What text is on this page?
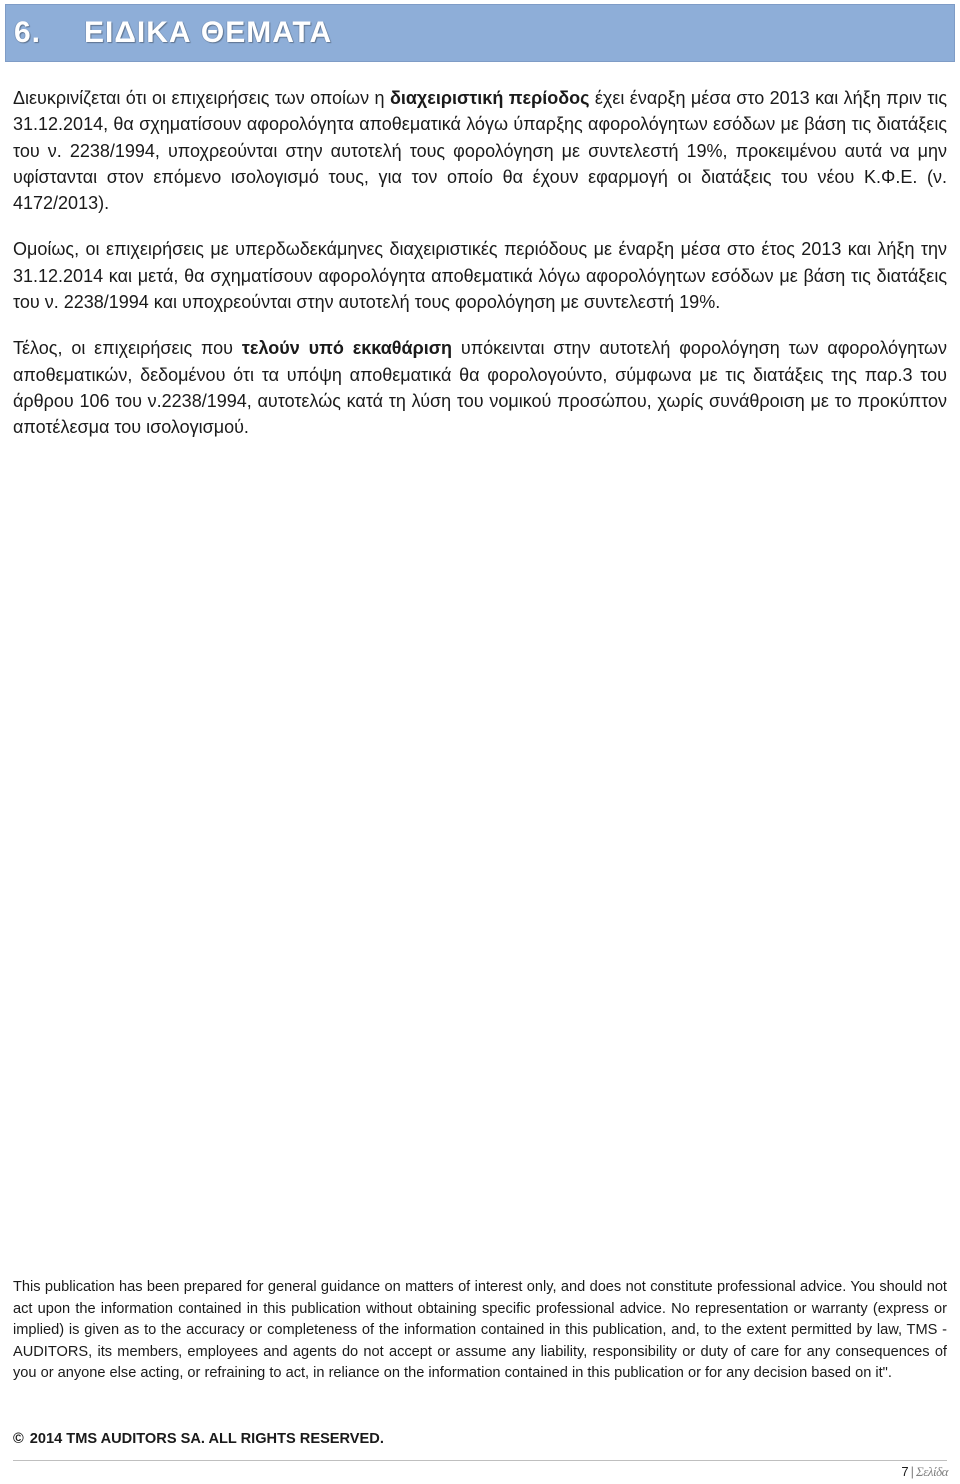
6. ΕΙΔΙΚΑ ΘΕΜΑΤΑ

Διευκρινίζεται ότι οι επιχειρήσεις των οποίων η διαχειριστική περίοδος έχει έναρξη μέσα στο 2013 και λήξη πριν τις 31.12.2014, θα σχηματίσουν αφορολόγητα αποθεματικά λόγω ύπαρξης αφορολόγητων εσόδων με βάση τις διατάξεις του ν. 2238/1994, υποχρεούνται στην αυτοτελή τους φορολόγηση με συντελεστή 19%, προκειμένου αυτά να μην υφίστανται στον επόμενο ισολογισμό τους, για τον οποίο θα έχουν εφαρμογή οι διατάξεις του νέου Κ.Φ.Ε. (ν. 4172/2013).

Ομοίως, οι επιχειρήσεις με υπερδωδεκάμηνες διαχειριστικές περιόδους με έναρξη μέσα στο έτος 2013 και λήξη την 31.12.2014 και μετά, θα σχηματίσουν αφορολόγητα αποθεματικά λόγω αφορολόγητων εσόδων με βάση τις διατάξεις του ν. 2238/1994 και υποχρεούνται στην αυτοτελή τους φορολόγηση με συντελεστή 19%.

Τέλος, οι επιχειρήσεις που τελούν υπό εκκαθάριση υπόκεινται στην αυτοτελή φορολόγηση των αφορολόγητων αποθεματικών, δεδομένου ότι τα υπόψη αποθεματικά θα φορολογούντο, σύμφωνα με τις διατάξεις της παρ.3 του άρθρου 106 του ν.2238/1994, αυτοτελώς κατά τη λύση του νομικού προσώπου, χωρίς συνάθροιση με το προκύπτον αποτέλεσμα του ισολογισμού.

This publication has been prepared for general guidance on matters of interest only, and does not constitute professional advice. You should not act upon the information contained in this publication without obtaining specific professional advice. No representation or warranty (express or implied) is given as to the accuracy or completeness of the information contained in this publication, and, to the extent permitted by law, TMS - AUDITORS, its members, employees and agents do not accept or assume any liability, responsibility or duty of care for any consequences of you or anyone else acting, or refraining to act, in reliance on the information contained in this publication or for any decision based on it".

© 2014 TMS AUDITORS SA. ALL RIGHTS RESERVED.

7 | Σελίδα
